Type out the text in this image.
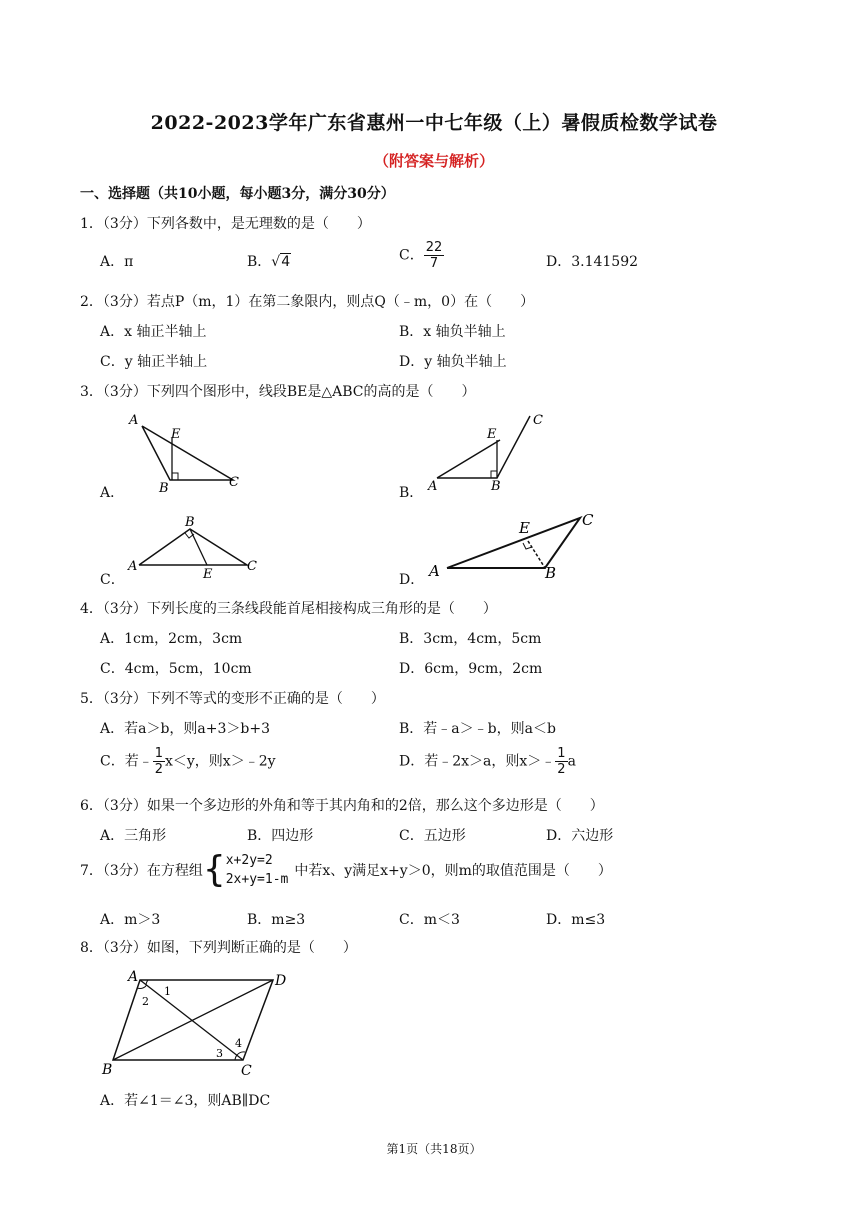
2022-2023学年广东省惠州一中七年级（上）暑假质检数学试卷
（附答案与解析）
一、选择题（共10小题，每小题3分，满分30分）
1．（3分）下列各数中，是无理数的是（　　）
A．π	B．√4	C． $\frac{22}{7}$	D．3.141592
2．（3分）若点P（m，1）在第二象限内，则点Q（﹣m，0）在（　　）
A．x 轴正半轴上	B．x 轴负半轴上
C．y 轴正半轴上	D．y 轴负半轴上
3．（3分）下列四个图形中，线段BE是△ABC的高的是（　　）
A．	B．
C．	D．
A
E
B	C	A
E
B
C
B
A
E
C	A
E
B
C
4．（3分）下列长度的三条线段能首尾相接构成三角形的是（　　）
A．1cm，2cm，3cm	B．3cm，4cm，5cm
C．4cm，5cm，10cm	D．6cm，9cm，2cm
5．（3分）下列不等式的变形不正确的是（　　）
A．若a＞b，则a+3＞b+3	B．若﹣a＞﹣b，则a＜b
C．若﹣ $\frac{1}{2} x<y$，则x＞﹣2y	D．若﹣2x＞a，则x＞﹣ $\frac{1}{2}$ a
6．（3分）如果一个多边形的外角和等于其内角和的2倍，那么这个多边形是（　　）
A．三角形	B．四边形	C．五边形	D．六边形
7．（3分）在方程组{ x+2y=2
2x+y=1-m
中若x、y满足x+y＞0，则m的取值范围是（　　）
A．m＞3	B．m≥3	C．m＜3	D．m≤3
8．（3分）如图，下列判断正确的是（　　）
A	D
B	C
1
2
3
4
A．若∠1＝∠3，则AB∥DC
第1页（共18页）
